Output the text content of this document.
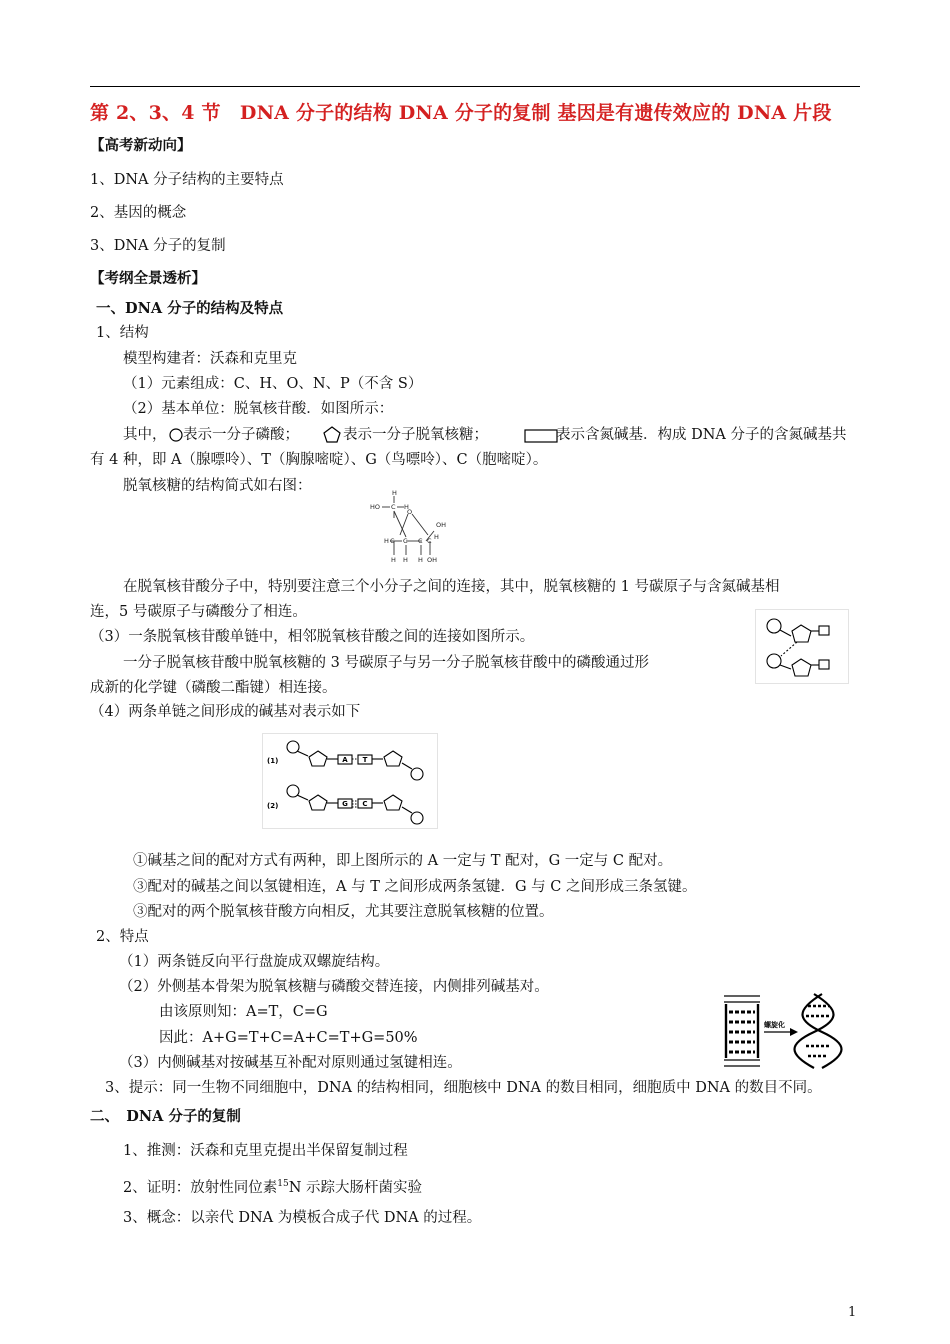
第 2、3、4 节　DNA 分子的结构 DNA 分子的复制 基因是有遗传效应的 DNA 片段
【高考新动向】
1、DNA 分子结构的主要特点
2、基因的概念
3、DNA 分子的复制
【考纲全景透析】
一、DNA 分子的结构及特点
1、结构
模型构建者：沃森和克里克
（1）元素组成：C、H、O、N、P（不含 S）
（2）基本单位：脱氧核苷酸．如图所示：
其中， 表示一分子磷酸；	表示一分子脱氧核糖；	表示含氮碱基．构成 DNA 分子的含氮碱基共
有 4 种，即 A（腺嘌呤）、T（胸腺嘧啶）、G（鸟嘌呤）、C（胞嘧啶）。
脱氧核糖的结构简式如右图：	H
HO C H
O
OH
C C C C
H
H H H OH
H
在脱氧核苷酸分子中，特别要注意三个小分子之间的连接，其中，脱氧核糖的 1 号碳原子与含氮碱基相
连，5 号碳原子与磷酸分了相连。
（3）一条脱氧核苷酸单链中，相邻脱氧核苷酸之间的连接如图所示。
一分子脱氧核苷酸中脱氧核糖的 3 号碳原子与另一分子脱氧核苷酸中的磷酸通过形
成新的化学键（磷酸二酯键）相连接。
（4）两条单链之间形成的碱基对表示如下
(1)
(2)
A T
G C
①碱基之间的配对方式有两种，即上图所示的 A 一定与 T 配对，G 一定与 C 配对。
③配对的碱基之间以氢键相连，A 与 T 之间形成两条氢键．G 与 C 之间形成三条氢键。
③配对的两个脱氧核苷酸方向相反，尤其要注意脱氧核糖的位置。
2、特点
（1）两条链反向平行盘旋成双螺旋结构。
（2）外侧基本骨架为脱氧核糖与磷酸交替连接，内侧排列碱基对。
由该原则知：A=T，C=G
因此：A+G=T+C=A+C=T+G=50%
（3）内侧碱基对按碱基互补配对原则通过氢键相连。
螺旋化
3、提示：同一生物不同细胞中，DNA 的结构相同，细胞核中 DNA 的数目相同，细胞质中 DNA 的数目不同。
二、　DNA 分子的复制
1、推测：沃森和克里克提出半保留复制过程
2、证明：放射性同位素$^{15}$N 示踪大肠杆菌实验
3、概念：以亲代 DNA 为模板合成子代 DNA 的过程。
1
